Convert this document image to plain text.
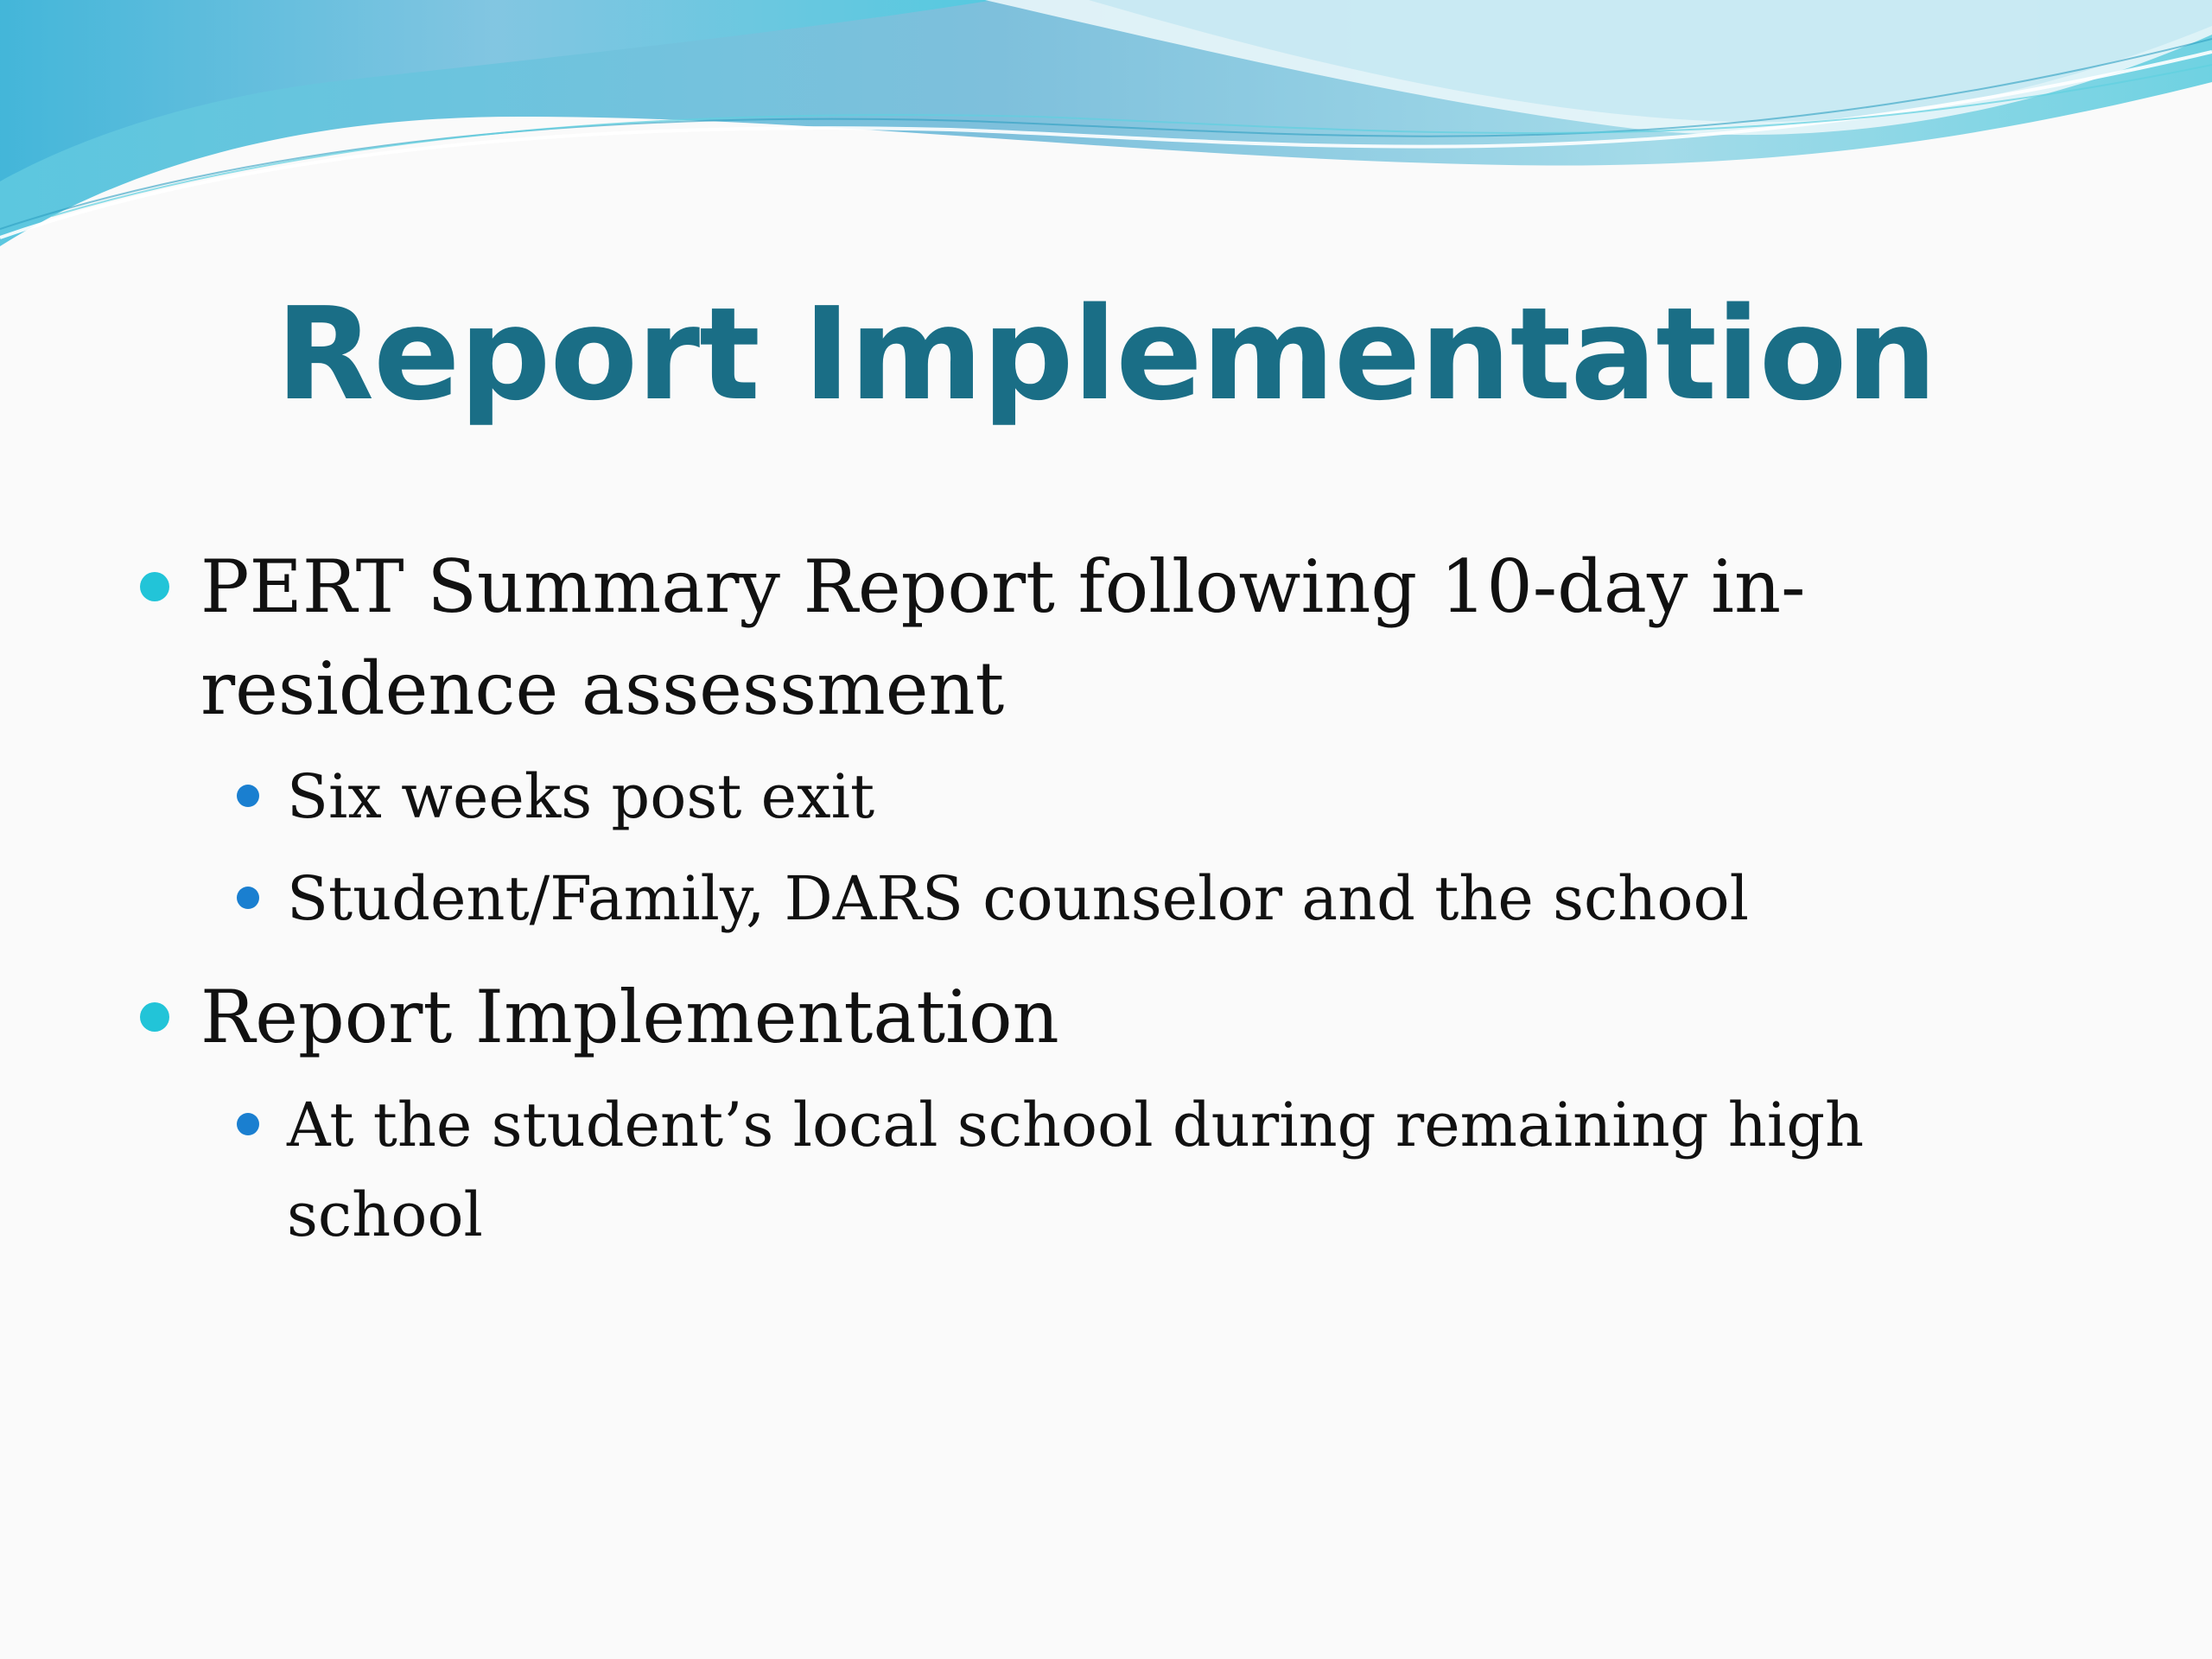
Report Implementation

PERT Summary Report following 10-day in-residence assessment

Six weeks post exit

Student/Family, DARS counselor and the school

Report Implementation

At the student’s local school during remaining high school
